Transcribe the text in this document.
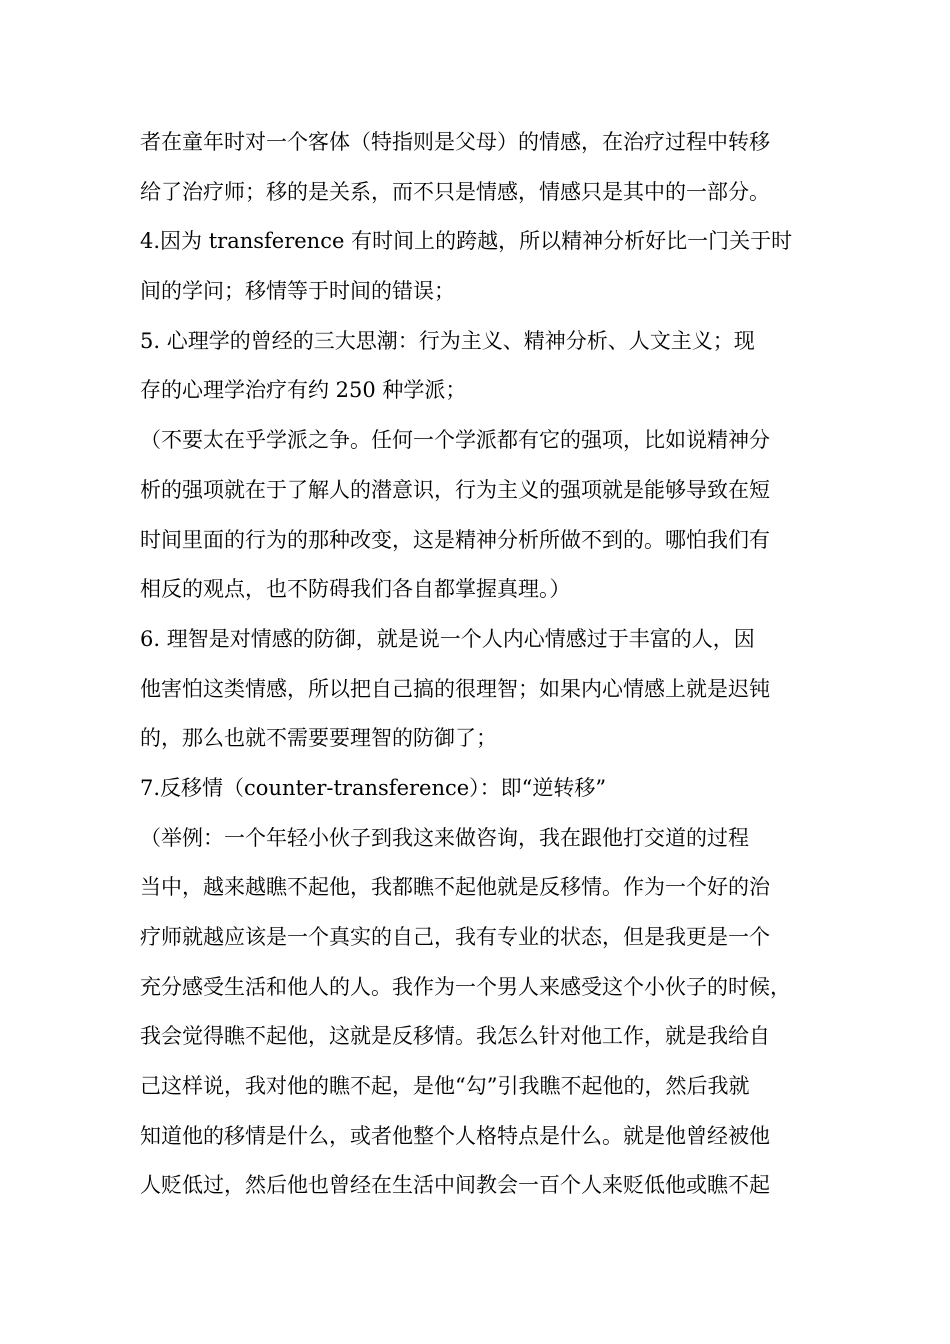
者在童年时对一个客体（特指则是父母）的情感，在治疗过程中转移
给了治疗师；移的是关系，而不只是情感，情感只是其中的一部分。
4.因为 transference 有时间上的跨越，所以精神分析好比一门关于时
间的学问；移情等于时间的错误；
5. 心理学的曾经的三大思潮：行为主义、精神分析、人文主义；现
存的心理学治疗有约 250 种学派；
（不要太在乎学派之争。任何一个学派都有它的强项，比如说精神分
析的强项就在于了解人的潜意识，行为主义的强项就是能够导致在短
时间里面的行为的那种改变，这是精神分析所做不到的。哪怕我们有
相反的观点，也不防碍我们各自都掌握真理。）
6. 理智是对情感的防御，就是说一个人内心情感过于丰富的人，因
他害怕这类情感，所以把自己搞的很理智；如果内心情感上就是迟钝
的，那么也就不需要要理智的防御了；
7.反移情（counter-transference）：即“逆转移”
（举例：一个年轻小伙子到我这来做咨询，我在跟他打交道的过程
当中，越来越瞧不起他，我都瞧不起他就是反移情。作为一个好的治
疗师就越应该是一个真实的自己，我有专业的状态，但是我更是一个
充分感受生活和他人的人。我作为一个男人来感受这个小伙子的时候，
我会觉得瞧不起他，这就是反移情。我怎么针对他工作，就是我给自
己这样说，我对他的瞧不起，是他“勾”引我瞧不起他的，然后我就
知道他的移情是什么，或者他整个人格特点是什么。就是他曾经被他
人贬低过，然后他也曾经在生活中间教会一百个人来贬低他或瞧不起
